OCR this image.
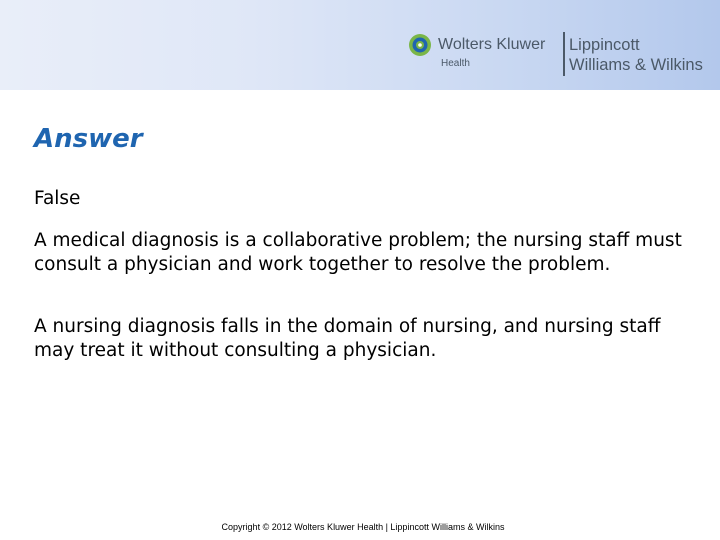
Wolters Kluwer
Health
Lippincott
Williams & Wilkins
Answer

False

A medical diagnosis is a collaborative problem; the nursing staff must consult a physician and work together to resolve the problem.

A nursing diagnosis falls in the domain of nursing, and nursing staff may treat it without consulting a physician.

Copyright © 2012 Wolters Kluwer Health | Lippincott Williams & Wilkins
